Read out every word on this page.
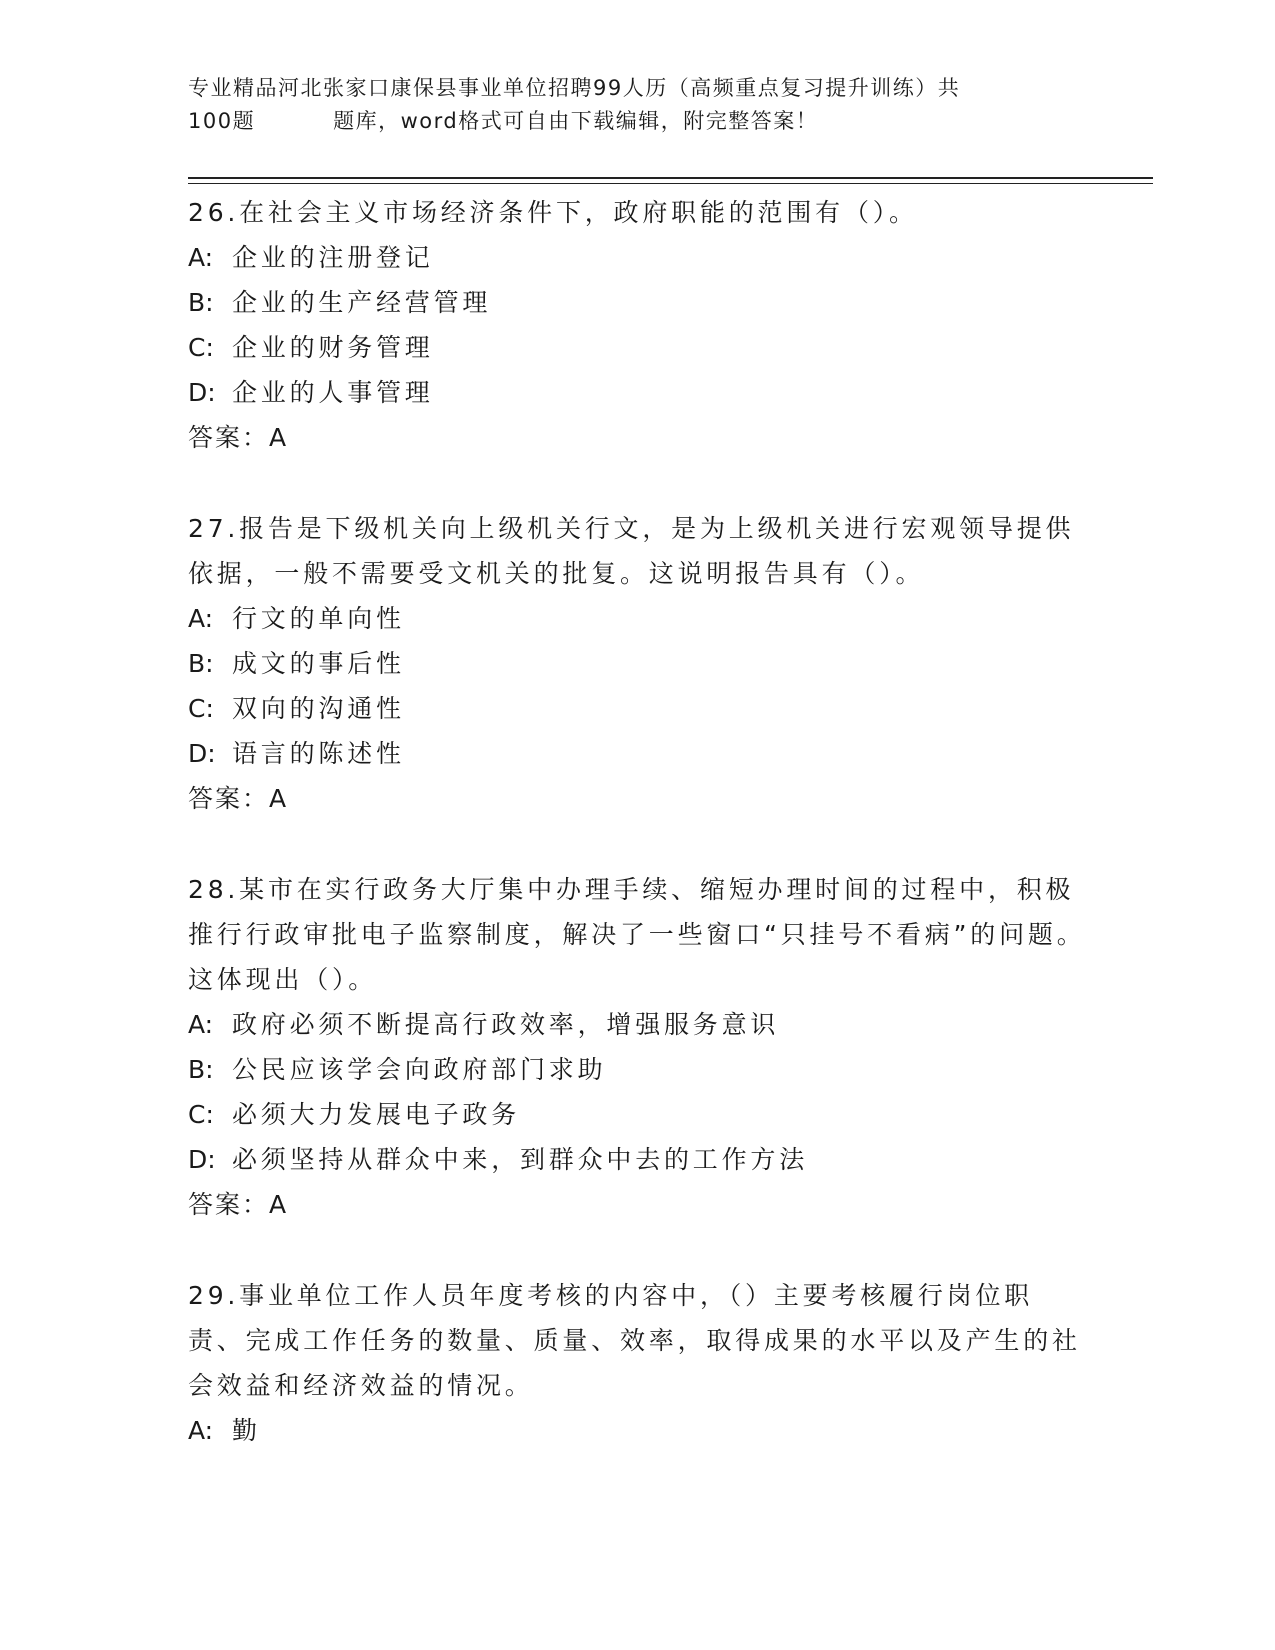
专业精品河北张家口康保县事业单位招聘99人历（高频重点复习提升训练）共
100题	题库，word格式可自由下载编辑，附完整答案！

26.在社会主义市场经济条件下，政府职能的范围有（）。

A: 企业的注册登记
B: 企业的生产经营管理
C: 企业的财务管理
D: 企业的人事管理
答案：A

27.报告是下级机关向上级机关行文，是为上级机关进行宏观领导提供依据，一般不需要受文机关的批复。这说明报告具有（）。

A: 行文的单向性
B: 成文的事后性
C: 双向的沟通性
D: 语言的陈述性
答案：A

28.某市在实行政务大厅集中办理手续、缩短办理时间的过程中，积极推行行政审批电子监察制度，解决了一些窗口“只挂号不看病”的问题。这体现出（）。

A: 政府必须不断提高行政效率，增强服务意识
B: 公民应该学会向政府部门求助
C: 必须大力发展电子政务
D: 必须坚持从群众中来，到群众中去的工作方法
答案：A

29.事业单位工作人员年度考核的内容中，（）主要考核履行岗位职责、完成工作任务的数量、质量、效率，取得成果的水平以及产生的社会效益和经济效益的情况。

A: 勤
